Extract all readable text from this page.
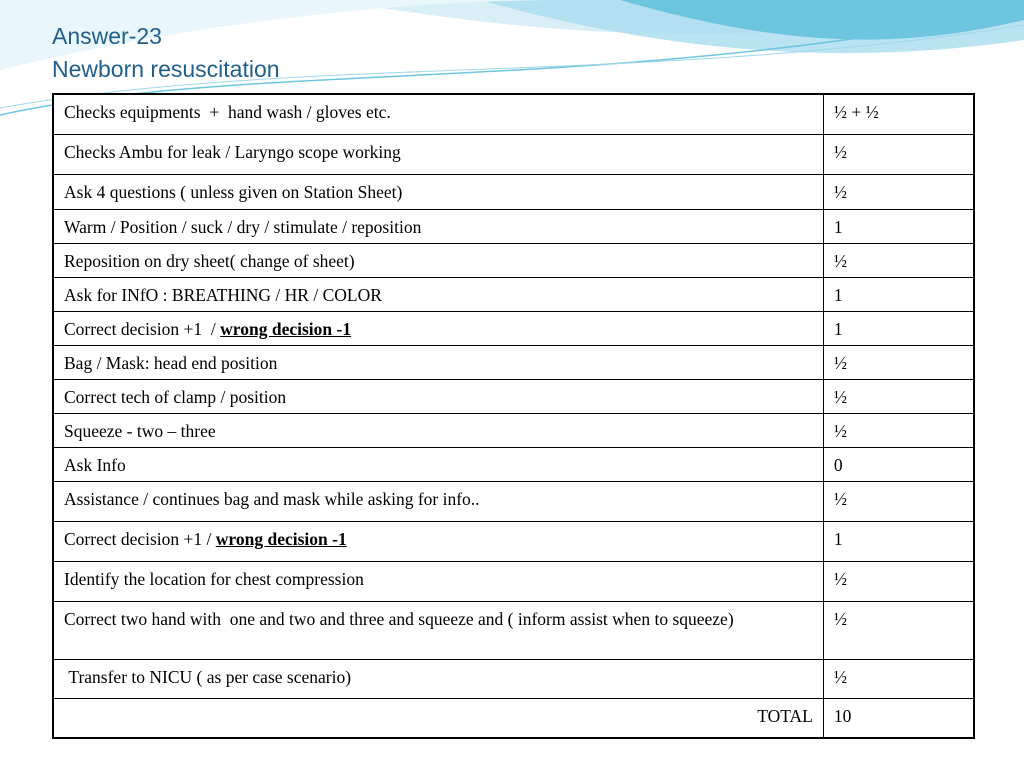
Answer-23
Newborn resuscitation
Checks equipments  +  hand wash / gloves etc.	½ + ½
Checks Ambu for leak / Laryngo scope working	½
Ask 4 questions ( unless given on Station Sheet)	½
Warm / Position / suck / dry / stimulate / reposition	1
Reposition on dry sheet( change of sheet)	½
Ask for INfO : BREATHING / HR / COLOR	1
Correct decision +1  / wrong decision -1	1
Bag / Mask: head end position	½
Correct tech of clamp / position	½
Squeeze - two – three	½
Ask Info	0
Assistance / continues bag and mask while asking for info..	½
Correct decision +1 / wrong decision -1	1
Identify the location for chest compression	½
Correct two hand with  one and two and three and squeeze and ( inform assist when to squeeze)	½
Transfer to NICU ( as per case scenario)	½
TOTAL	10
